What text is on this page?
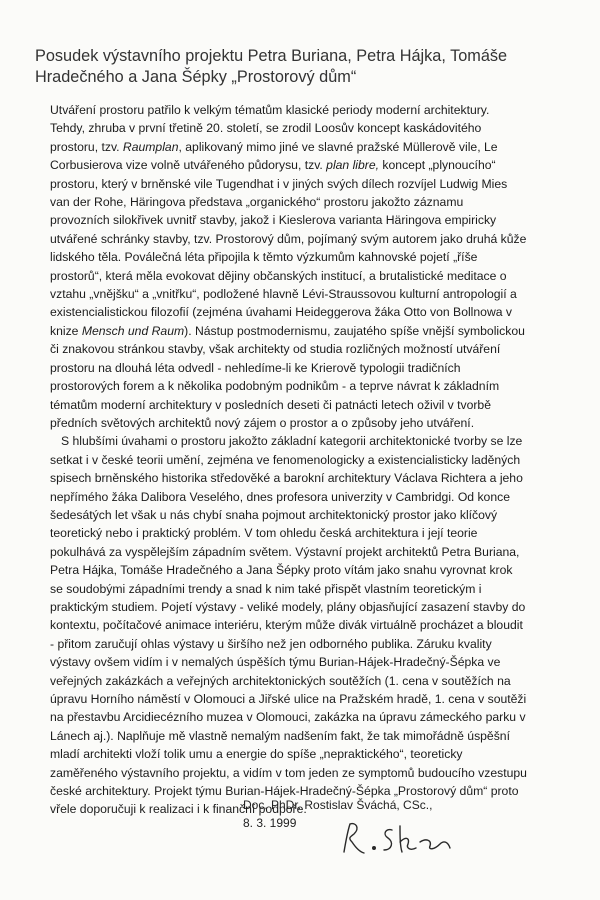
Posudek výstavního projektu Petra Buriana, Petra Hájka, Tomáše
Hradečného a Jana Šépky „Prostorový dům“
Utváření prostoru patřilo k velkým tématům klasické periody moderní architektury.
Tehdy, zhruba v první třetině 20. století, se zrodil Loosův koncept kaskádovitého
prostoru, tzv. Raumplan, aplikovaný mimo jiné ve slavné pražské Müllerově vile, Le
Corbusierova vize volně utvářeného půdorysu, tzv. plan libre, koncept „plynoucího“
prostoru, který v brněnské vile Tugendhat i v jiných svých dílech rozvíjel Ludwig Mies
van der Rohe, Häringova představa „organického“ prostoru jakožto záznamu
provozních silokřivek uvnitř stavby, jakož i Kieslerova varianta Häringova empiricky
utvářené schránky stavby, tzv. Prostorový dům, pojímaný svým autorem jako druhá kůže
lidského těla. Poválečná léta připojila k těmto výzkumům kahnovské pojetí „říše
prostorů“, která měla evokovat dějiny občanských institucí, a brutalistické meditace o
vztahu „vnějšku“ a „vnitřku“, podložené hlavně Lévi-Straussovou kulturní antropologií a
existencialistickou filozofií (zejména úvahami Heideggerova žáka Otto von Bollnowa v
knize Mensch und Raum). Nástup postmodernismu, zaujatého spíše vnější symbolickou
či znakovou stránkou stavby, však architekty od studia rozličných možností utváření
prostoru na dlouhá léta odvedl - nehledíme-li ke Krierově typologii tradičních
prostorových forem a k několika podobným podnikům - a teprve návrat k základním
tématům moderní architektury v posledních deseti či patnácti letech oživil v tvorbě
předních světových architektů nový zájem o prostor a o způsoby jeho utváření.
S hlubšími úvahami o prostoru jakožto základní kategorii architektonické tvorby se lze
setkat i v české teorii umění, zejména ve fenomenologicky a existencialisticky laděných
spisech brněnského historika středověké a barokní architektury Václava Richtera a jeho
nepřímého žáka Dalibora Veselého, dnes profesora univerzity v Cambridgi. Od konce
šedesátých let však u nás chybí snaha pojmout architektonický prostor jako klíčový
teoretický nebo i praktický problém. V tom ohledu česká architektura i její teorie
pokulhává za vyspělejším západním světem. Výstavní projekt architektů Petra Buriana,
Petra Hájka, Tomáše Hradečného a Jana Šépky proto vítám jako snahu vyrovnat krok
se soudobými západními trendy a snad k nim také přispět vlastním teoretickým i
praktickým studiem. Pojetí výstavy - veliké modely, plány objasňující zasazení stavby do
kontextu, počítačové animace interiéru, kterým může divák virtuálně procházet a bloudit
- přitom zaručují ohlas výstavy u širšího než jen odborného publika. Záruku kvality
výstavy ovšem vidím i v nemalých úspěších týmu Burian-Hájek-Hradečný-Šépka ve
veřejných zakázkách a veřejných architektonických soutěžích (1. cena v soutěžích na
úpravu Horního náměstí v Olomouci a Jiřské ulice na Pražském hradě, 1. cena v soutěži
na přestavbu Arcidiecézního muzea v Olomouci, zakázka na úpravu zámeckého parku v
Lánech aj.). Naplňuje mě vlastně nemalým nadšením fakt, že tak mimořádně úspěšní
mladí architekti vloží tolik umu a energie do spíše „nepraktického“, teoreticky
zaměřeného výstavního projektu, a vidím v tom jeden ze symptomů budoucího vzestupu
české architektury. Projekt týmu Burian-Hájek-Hradečný-Šépka „Prostorový dům“ proto
vřele doporučuji k realizaci i k finanční podpoře.
Doc. PhDr. Rostislav Šváchá, CSc.,
8. 3. 1999
